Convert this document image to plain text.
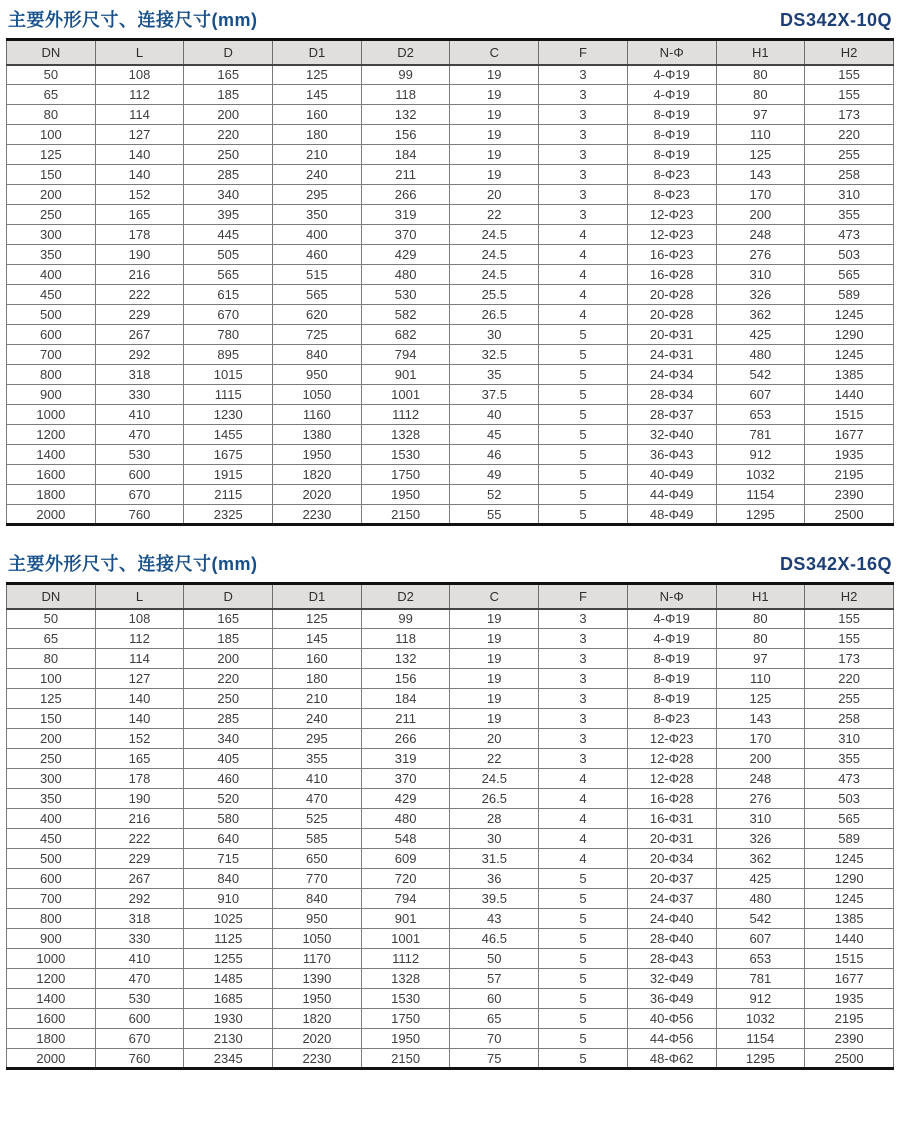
主要外形尺寸、连接尺寸(mm)	DS342X-10Q
DN	L	D	D1	D2	C	F	N-Φ	H1	H2
50	108	165	125	99	19	3	4-Φ19	80	155
65	112	185	145	118	19	3	4-Φ19	80	155
80	114	200	160	132	19	3	8-Φ19	97	173
100	127	220	180	156	19	3	8-Φ19	110	220
125	140	250	210	184	19	3	8-Φ19	125	255
150	140	285	240	211	19	3	8-Φ23	143	258
200	152	340	295	266	20	3	8-Φ23	170	310
250	165	395	350	319	22	3	12-Φ23	200	355
300	178	445	400	370	24.5	4	12-Φ23	248	473
350	190	505	460	429	24.5	4	16-Φ23	276	503
400	216	565	515	480	24.5	4	16-Φ28	310	565
450	222	615	565	530	25.5	4	20-Φ28	326	589
500	229	670	620	582	26.5	4	20-Φ28	362	1245
600	267	780	725	682	30	5	20-Φ31	425	1290
700	292	895	840	794	32.5	5	24-Φ31	480	1245
800	318	1015	950	901	35	5	24-Φ34	542	1385
900	330	1115	1050	1001	37.5	5	28-Φ34	607	1440
1000	410	1230	1160	1112	40	5	28-Φ37	653	1515
1200	470	1455	1380	1328	45	5	32-Φ40	781	1677
1400	530	1675	1950	1530	46	5	36-Φ43	912	1935
1600	600	1915	1820	1750	49	5	40-Φ49	1032	2195
1800	670	2115	2020	1950	52	5	44-Φ49	1154	2390
2000	760	2325	2230	2150	55	5	48-Φ49	1295	2500
主要外形尺寸、连接尺寸(mm)	DS342X-16Q
DN	L	D	D1	D2	C	F	N-Φ	H1	H2
50	108	165	125	99	19	3	4-Φ19	80	155
65	112	185	145	118	19	3	4-Φ19	80	155
80	114	200	160	132	19	3	8-Φ19	97	173
100	127	220	180	156	19	3	8-Φ19	110	220
125	140	250	210	184	19	3	8-Φ19	125	255
150	140	285	240	211	19	3	8-Φ23	143	258
200	152	340	295	266	20	3	12-Φ23	170	310
250	165	405	355	319	22	3	12-Φ28	200	355
300	178	460	410	370	24.5	4	12-Φ28	248	473
350	190	520	470	429	26.5	4	16-Φ28	276	503
400	216	580	525	480	28	4	16-Φ31	310	565
450	222	640	585	548	30	4	20-Φ31	326	589
500	229	715	650	609	31.5	4	20-Φ34	362	1245
600	267	840	770	720	36	5	20-Φ37	425	1290
700	292	910	840	794	39.5	5	24-Φ37	480	1245
800	318	1025	950	901	43	5	24-Φ40	542	1385
900	330	1125	1050	1001	46.5	5	28-Φ40	607	1440
1000	410	1255	1170	1112	50	5	28-Φ43	653	1515
1200	470	1485	1390	1328	57	5	32-Φ49	781	1677
1400	530	1685	1950	1530	60	5	36-Φ49	912	1935
1600	600	1930	1820	1750	65	5	40-Φ56	1032	2195
1800	670	2130	2020	1950	70	5	44-Φ56	1154	2390
2000	760	2345	2230	2150	75	5	48-Φ62	1295	2500
